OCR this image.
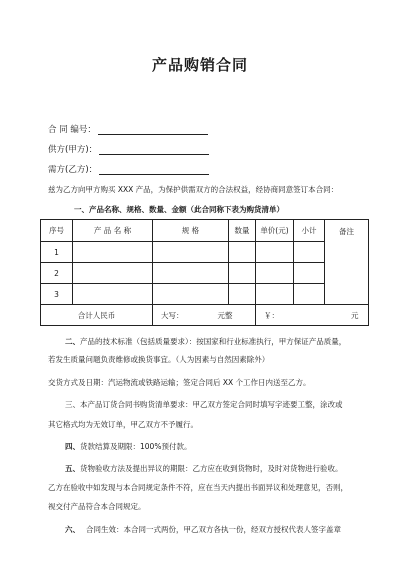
产品购销合同
合 同 编号：
供方(甲方)：
需方(乙方)：
兹为乙方向甲方购买 XXX 产品，为保护供需双方的合法权益，经协商同意签订本合同：
一、产品名称、规格、数量、金额（此合同称下表为购货清单）
序号	产 品 名 称	规 格	数量	单价(元)	小计	备注
1						
2						
3						
合计人民币		大写： 元整		￥： 元		
二、产品的技术标准（包括质量要求）：按国家和行业标准执行，甲方保证产品质量，
若发生质量问题负责维修或换货事宜。（人为因素与自然因素除外）
交货方式及日期：汽运物流或铁路运输；签定合同后 XX 个工作日内送至乙方。
三、本产品订货合同书购货清单要求：甲乙双方签定合同时填写字迹要工整，涂改或
其它格式均为无效订单，甲乙双方不予履行。
四、货款结算及期限：100%预付款。
五、货物验收方法及提出异议的期限：乙方应在收到货物时，及时对货物进行验收。
乙方在验收中如发现与本合同规定条件不符，应在当天内提出书面异议和处理意见，否则，
视交付产品符合本合同规定。
六、 合同生效：本合同一式两份，甲乙双方各执一份，经双方授权代表人签字盖章
